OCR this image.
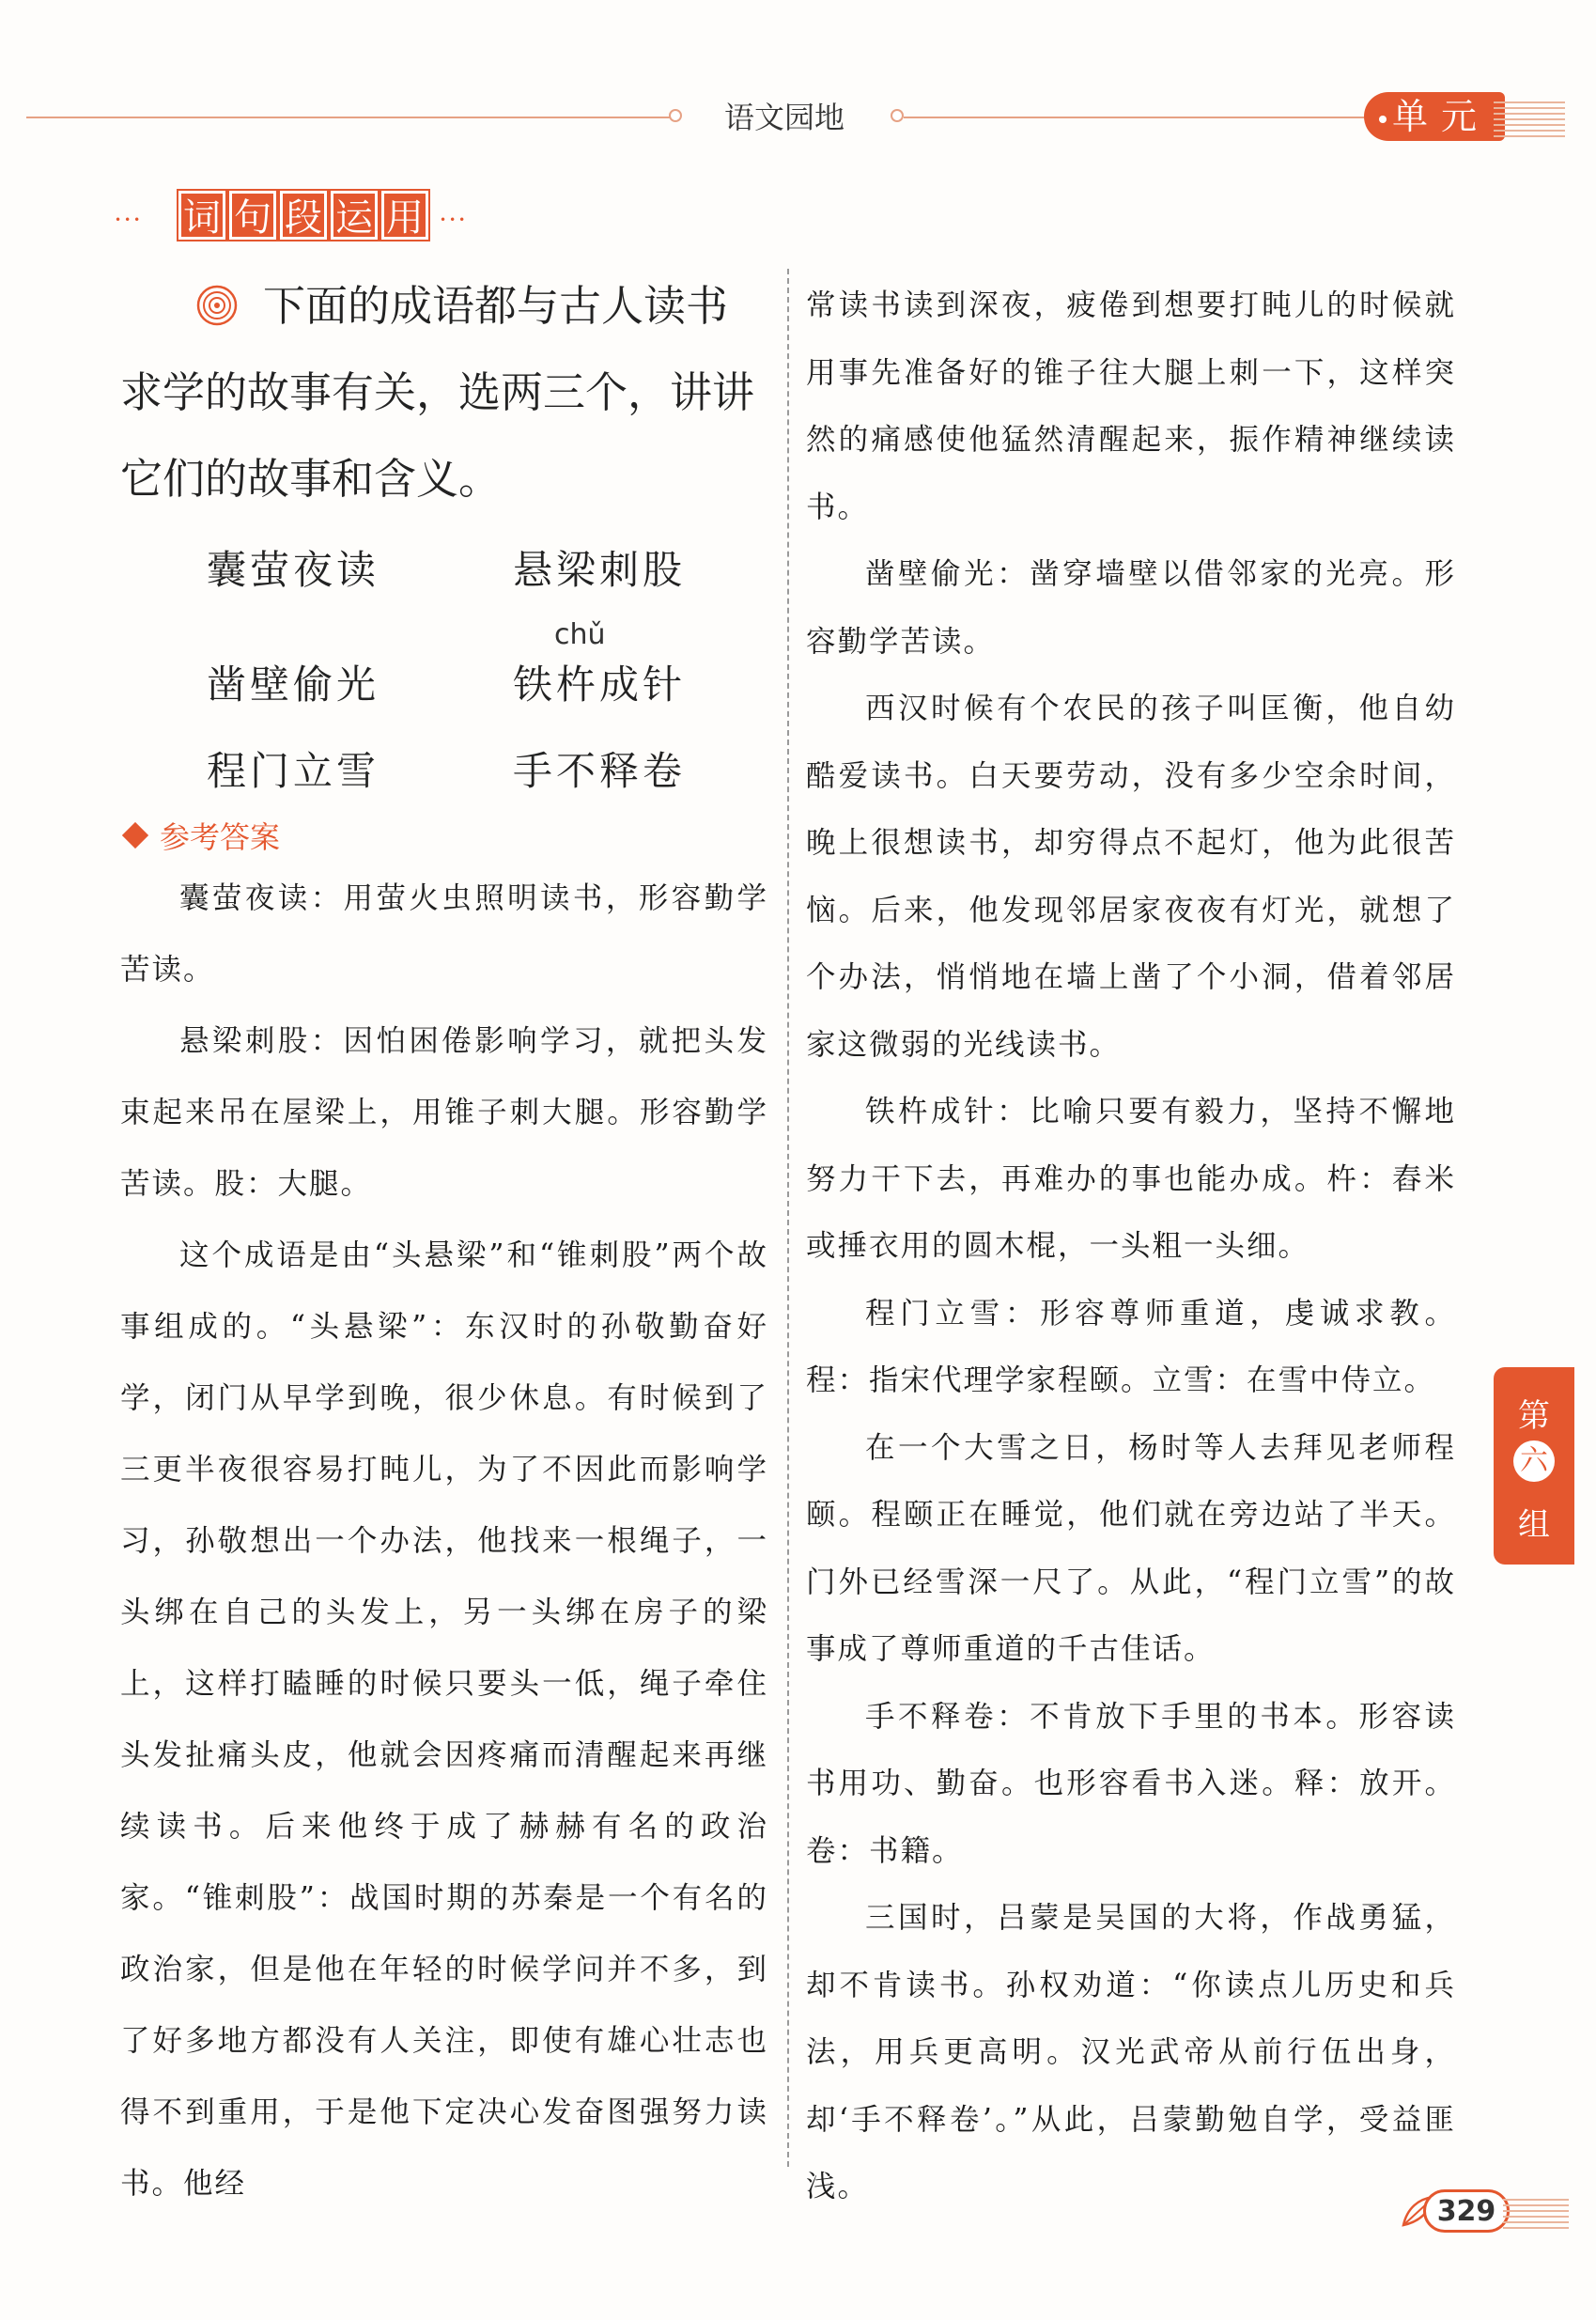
语文园地	单元
••• 词 句 段 运 用	•••

下面的成语都与古人读书求学的故事有关，选两三个，讲讲它们的故事和含义。

囊萤夜读	悬梁刺股
chǔ
凿壁偷光	铁杵成针
程门立雪	手不释卷
参考答案

囊萤夜读：用萤火虫照明读书，形容勤学苦读。

悬梁刺股：因怕困倦影响学习，就把头发束起来吊在屋梁上，用锥子刺大腿。形容勤学苦读。股：大腿。

这个成语是由“头悬梁”和“锥刺股”两个故事组成的。“头悬梁”：东汉时的孙敬勤奋好学，闭门从早学到晚，很少休息。有时候到了三更半夜很容易打盹儿，为了不因此而影响学习，孙敬想出一个办法，他找来一根绳子，一头绑在自己的头发上，另一头绑在房子的梁上，这样打瞌睡的时候只要头一低，绳子牵住头发扯痛头皮，他就会因疼痛而清醒起来再继续读书。后来他终于成了赫赫有名的政治家。“锥刺股”：战国时期的苏秦是一个有名的政治家，但是他在年轻的时候学问并不多，到了好多地方都没有人关注，即使有雄心壮志也得不到重用，于是他下定决心发奋图强努力读书。他经

常读书读到深夜，疲倦到想要打盹儿的时候就用事先准备好的锥子往大腿上刺一下，这样突然的痛感使他猛然清醒起来，振作精神继续读书。

凿壁偷光：凿穿墙壁以借邻家的光亮。形容勤学苦读。

西汉时候有个农民的孩子叫匡衡，他自幼酷爱读书。白天要劳动，没有多少空余时间，晚上很想读书，却穷得点不起灯，他为此很苦恼。后来，他发现邻居家夜夜有灯光，就想了个办法，悄悄地在墙上凿了个小洞，借着邻居家这微弱的光线读书。

铁杵成针：比喻只要有毅力，坚持不懈地努力干下去，再难办的事也能办成。杵：舂米或捶衣用的圆木棍，一头粗一头细。

程门立雪：形容尊师重道，虔诚求教。程：指宋代理学家程颐。立雪：在雪中侍立。

在一个大雪之日，杨时等人去拜见老师程颐。程颐正在睡觉，他们就在旁边站了半天。门外已经雪深一尺了。从此，“程门立雪”的故事成了尊师重道的千古佳话。

手不释卷：不肯放下手里的书本。形容读书用功、勤奋。也形容看书入迷。释：放开。卷：书籍。

三国时，吕蒙是吴国的大将，作战勇猛，却不肯读书。孙权劝道：“你读点儿历史和兵法，用兵更高明。汉光武帝从前行伍出身，却‘手不释卷’。”从此，吕蒙勤勉自学，受益匪浅。

第
六
组
329
